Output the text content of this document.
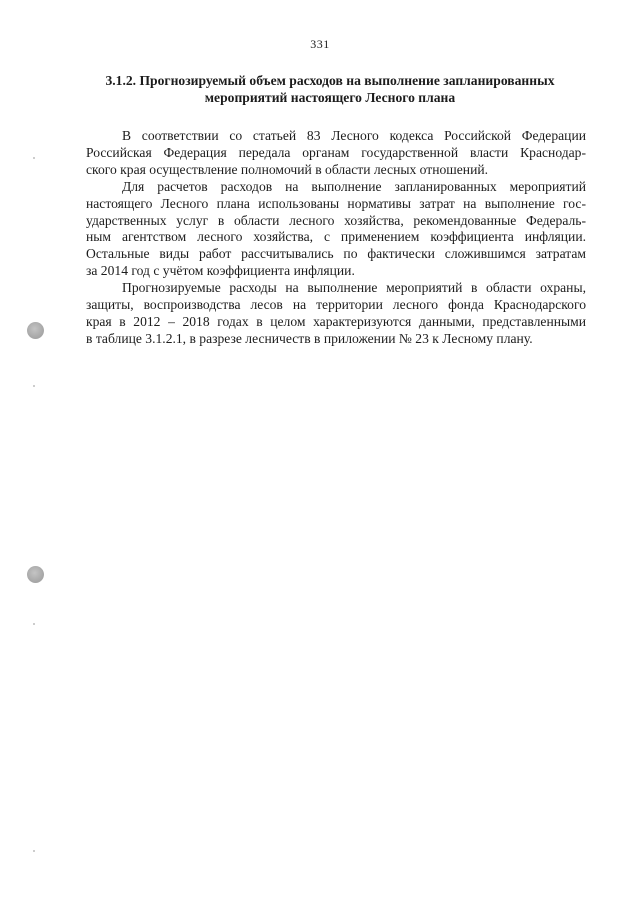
331
3.1.2. Прогнозируемый объем расходов на выполнение запланированных
мероприятий настоящего Лесного плана

В соответствии со статьей 83 Лесного кодекса Российской Федерации
Российская Федерация передала органам государственной власти Краснодар-
ского края осуществление полномочий в области лесных отношений.

Для расчетов расходов на выполнение запланированных мероприятий
настоящего Лесного плана использованы нормативы затрат на выполнение гос-
ударственных услуг в области лесного хозяйства, рекомендованные Федераль-
ным агентством лесного хозяйства, с применением коэффициента инфляции.
Остальные виды работ рассчитывались по фактически сложившимся затратам
за 2014 год с учётом коэффициента инфляции.

Прогнозируемые расходы на выполнение мероприятий в области охраны,
защиты, воспроизводства лесов на территории лесного фонда Краснодарского
края в 2012 – 2018 годах в целом характеризуются данными, представленными
в таблице 3.1.2.1, в разрезе лесничеств в приложении № 23 к Лесному плану.
